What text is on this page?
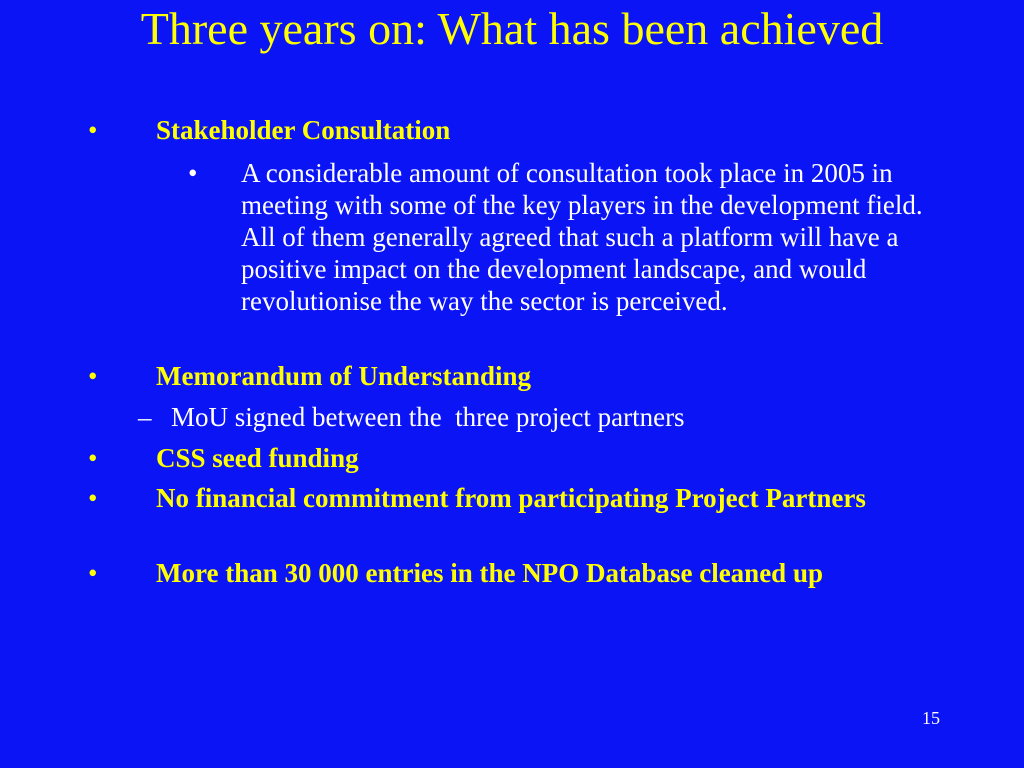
Three years on: What has been achieved
• Stakeholder Consultation
• A considerable amount of consultation took place in 2005 in meeting with some of the key players in the development field. All of them generally agreed that such a platform will have a positive impact on the development landscape, and would revolutionise the way the sector is perceived.
• Memorandum of Understanding
– MoU signed between the  three project partners
• CSS seed funding
• No financial commitment from participating Project Partners
• More than 30 000 entries in the NPO Database cleaned up
15
